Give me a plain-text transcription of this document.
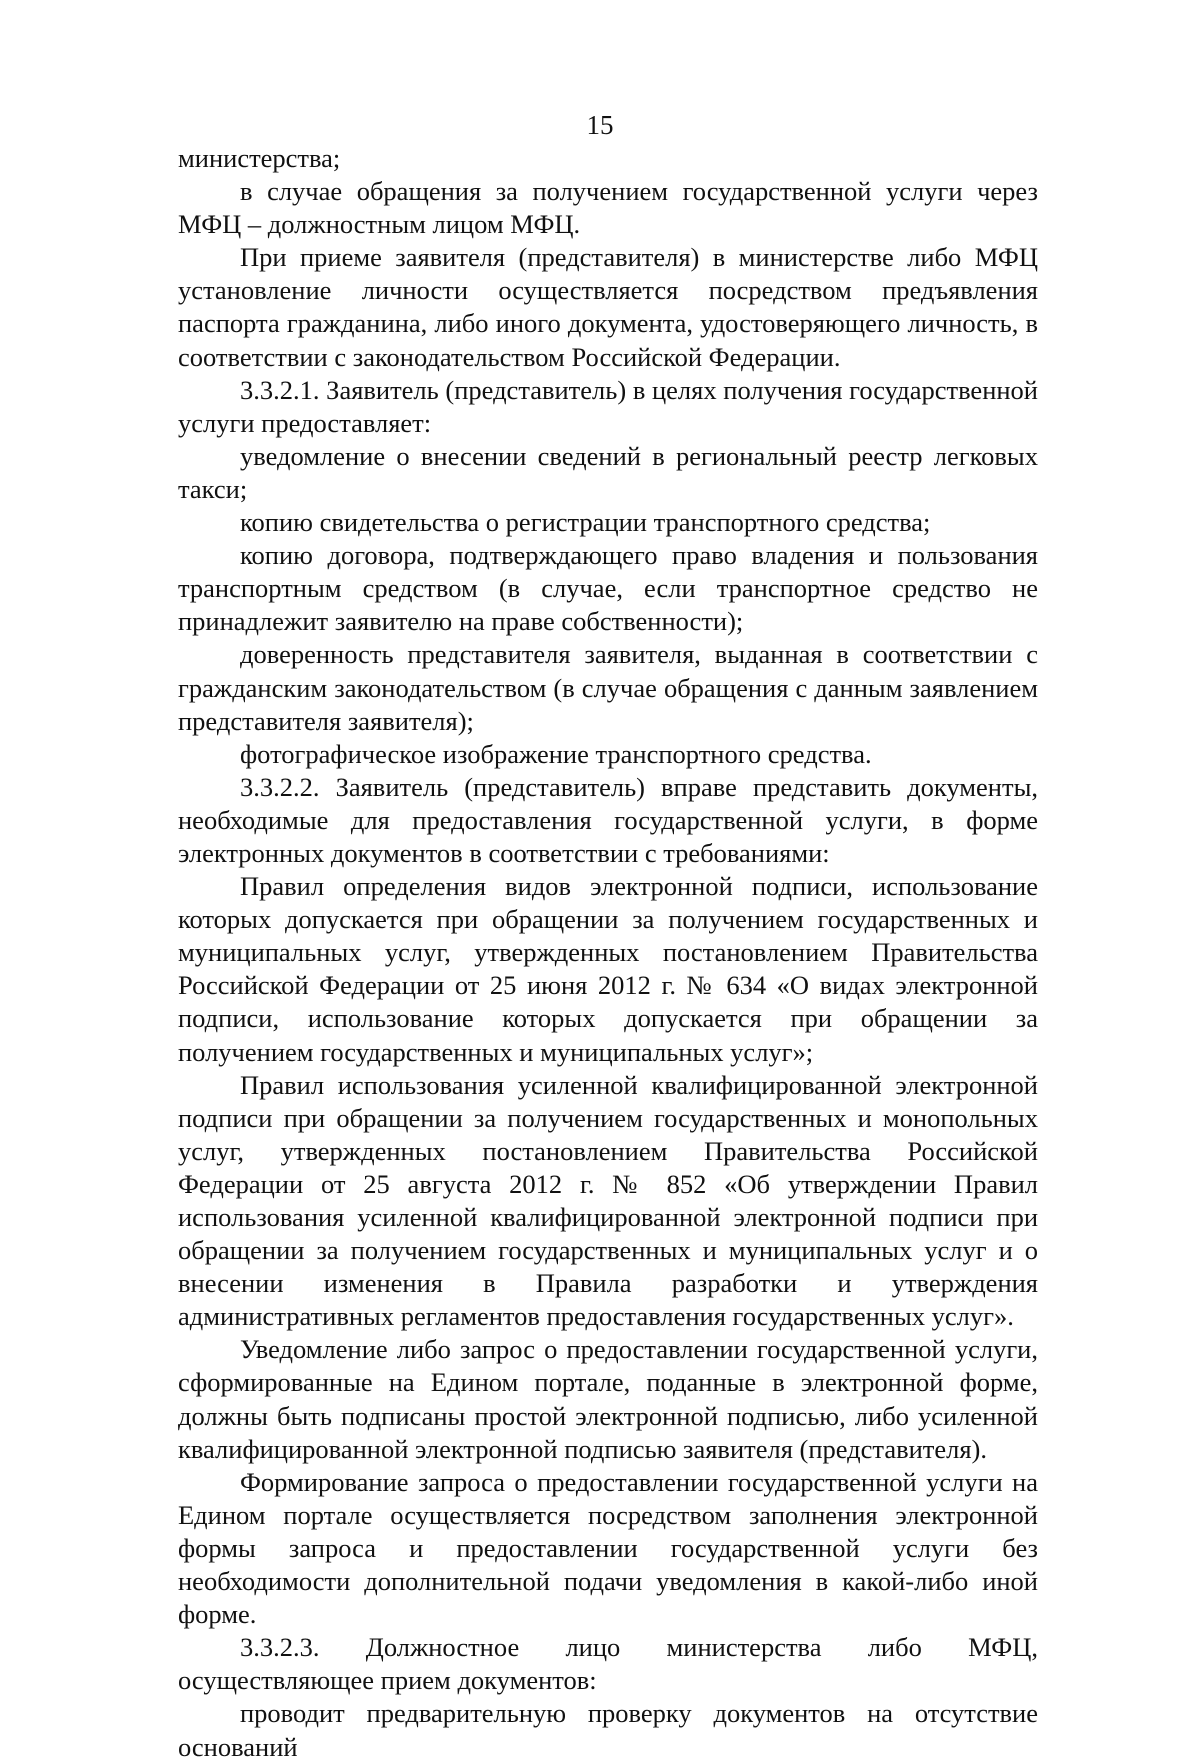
15

министерства;

в случае обращения за получением государственной услуги через МФЦ – должностным лицом МФЦ.

При приеме заявителя (представителя) в министерстве либо МФЦ установление личности осуществляется посредством предъявления паспорта гражданина, либо иного документа, удостоверяющего личность, в соответствии с законодательством Российской Федерации.

3.3.2.1. Заявитель (представитель) в целях получения государственной услуги предоставляет:

уведомление о внесении сведений в региональный реестр легковых такси;

копию свидетельства о регистрации транспортного средства;

копию договора, подтверждающего право владения и пользования транспортным средством (в случае, если транспортное средство не принадлежит заявителю на праве собственности);

доверенность представителя заявителя, выданная в соответствии с гражданским законодательством (в случае обращения с данным заявлением представителя заявителя);

фотографическое изображение транспортного средства.

3.3.2.2. Заявитель (представитель) вправе представить документы, необходимые для предоставления государственной услуги, в форме электронных документов в соответствии с требованиями:

Правил определения видов электронной подписи, использование которых допускается при обращении за получением государственных и муниципальных услуг, утвержденных постановлением Правительства Российской Федерации от 25 июня 2012 г. № 634 «О видах электронной подписи, использование которых допускается при обращении за получением государственных и муниципальных услуг»;

Правил использования усиленной квалифицированной электронной подписи при обращении за получением государственных и монопольных услуг, утвержденных постановлением Правительства Российской Федерации от 25 августа 2012 г. № 852 «Об утверждении Правил использования усиленной квалифицированной электронной подписи при обращении за получением государственных и муниципальных услуг и о внесении изменения в Правила разработки и утверждения административных регламентов предоставления государственных услуг».

Уведомление либо запрос о предоставлении государственной услуги, сформированные на Едином портале, поданные в электронной форме, должны быть подписаны простой электронной подписью, либо усиленной квалифицированной электронной подписью заявителя (представителя).

Формирование запроса о предоставлении государственной услуги на Едином портале осуществляется посредством заполнения электронной формы запроса и предоставлении государственной услуги без необходимости дополнительной подачи уведомления в какой-либо иной форме.

3.3.2.3. Должностное лицо министерства либо МФЦ, осуществляющее прием документов:

проводит предварительную проверку документов на отсутствие оснований
